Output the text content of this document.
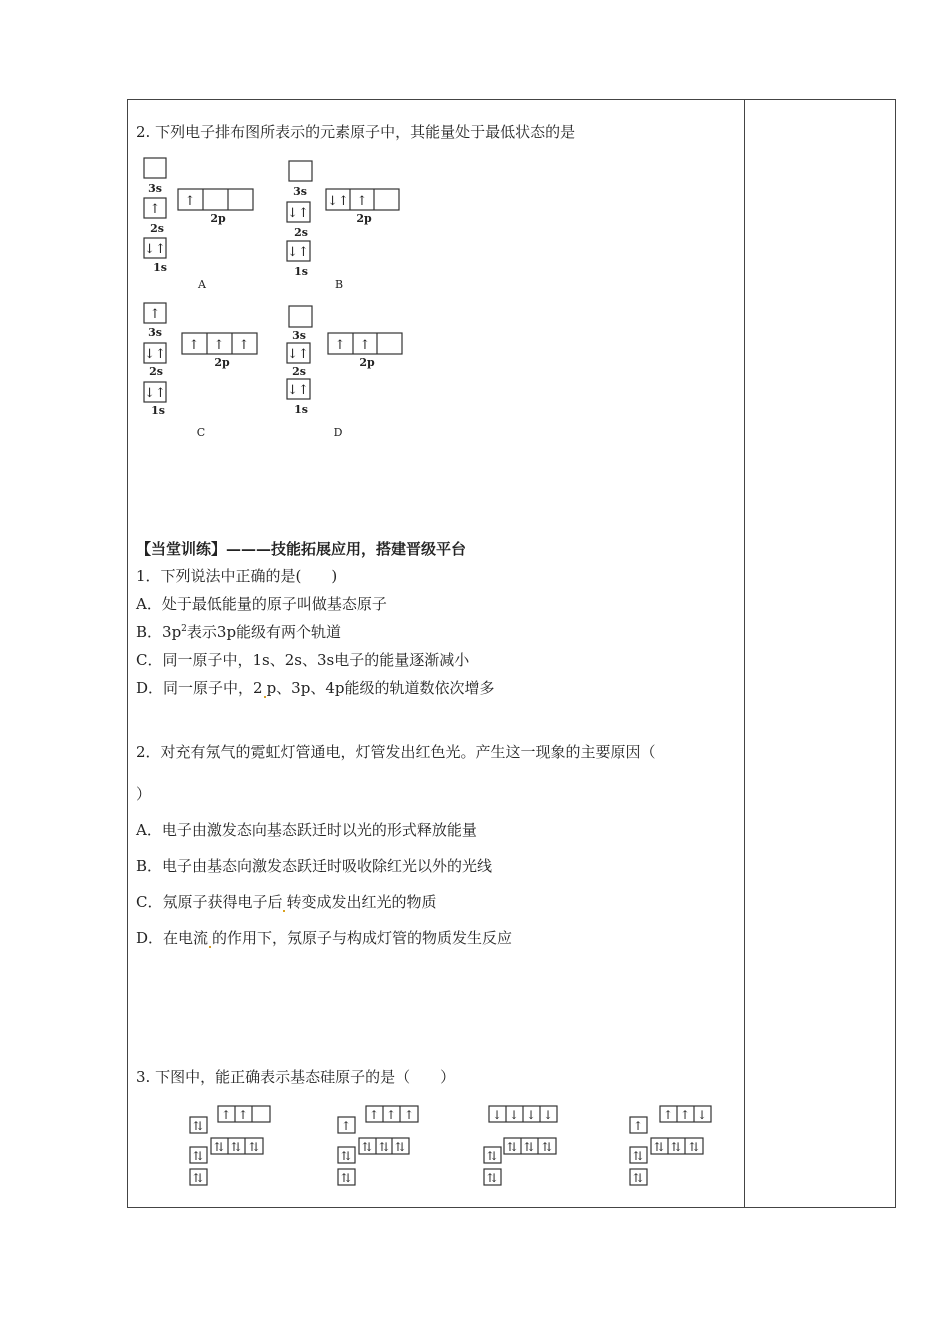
2. 下列电子排布图所表示的元素原子中，其能量处于最低状态的是
↑
↓↑
↑
↓↑
↓↑
↓↑ ↑
↑
↓↑
↓↑
↑ ↑ ↑
↓↑
↓↑
↑ ↑
3s
2s
1s
2p
3s
2s
1s
2p
3s
2s
1s
2p
3s
2s
1s
2p
A	B
C	D
【当堂训练】———技能拓展应用，搭建晋级平台
1．下列说法中正确的是(　　)
A．处于最低能量的原子叫做基态原子
B．$3p^2$表示3p能级有两个轨道
C．同一原子中，1s、2s、3s电子的能量逐渐减小
D．同一原子中，2 p、3p、4p能级的轨道数依次增多
2．对充有氖气的霓虹灯管通电，灯管发出红色光。产生这一现象的主要原因（
）
A．电子由激发态向基态跃迁时以光的形式释放能量
B．电子由基态向激发态跃迁时吸收除红光以外的光线
C．氖原子获得电子后 转变成发出红光的物质
D．在电流 的作用下，氖原子与构成灯管的物质发生反应
3. 下图中，能正确表示基态硅原子的是（　　）
⇅
⇅ ⇅ ⇅
⇅
⇅
↑ ↑
↑
⇅ ⇅ ⇅
⇅
⇅
↑ ↑ ↑	↓ ↓ ↓ ↓
⇅ ⇅ ⇅
⇅
⇅
↑
↑ ↑ ↓
⇅ ⇅ ⇅
⇅
⇅
